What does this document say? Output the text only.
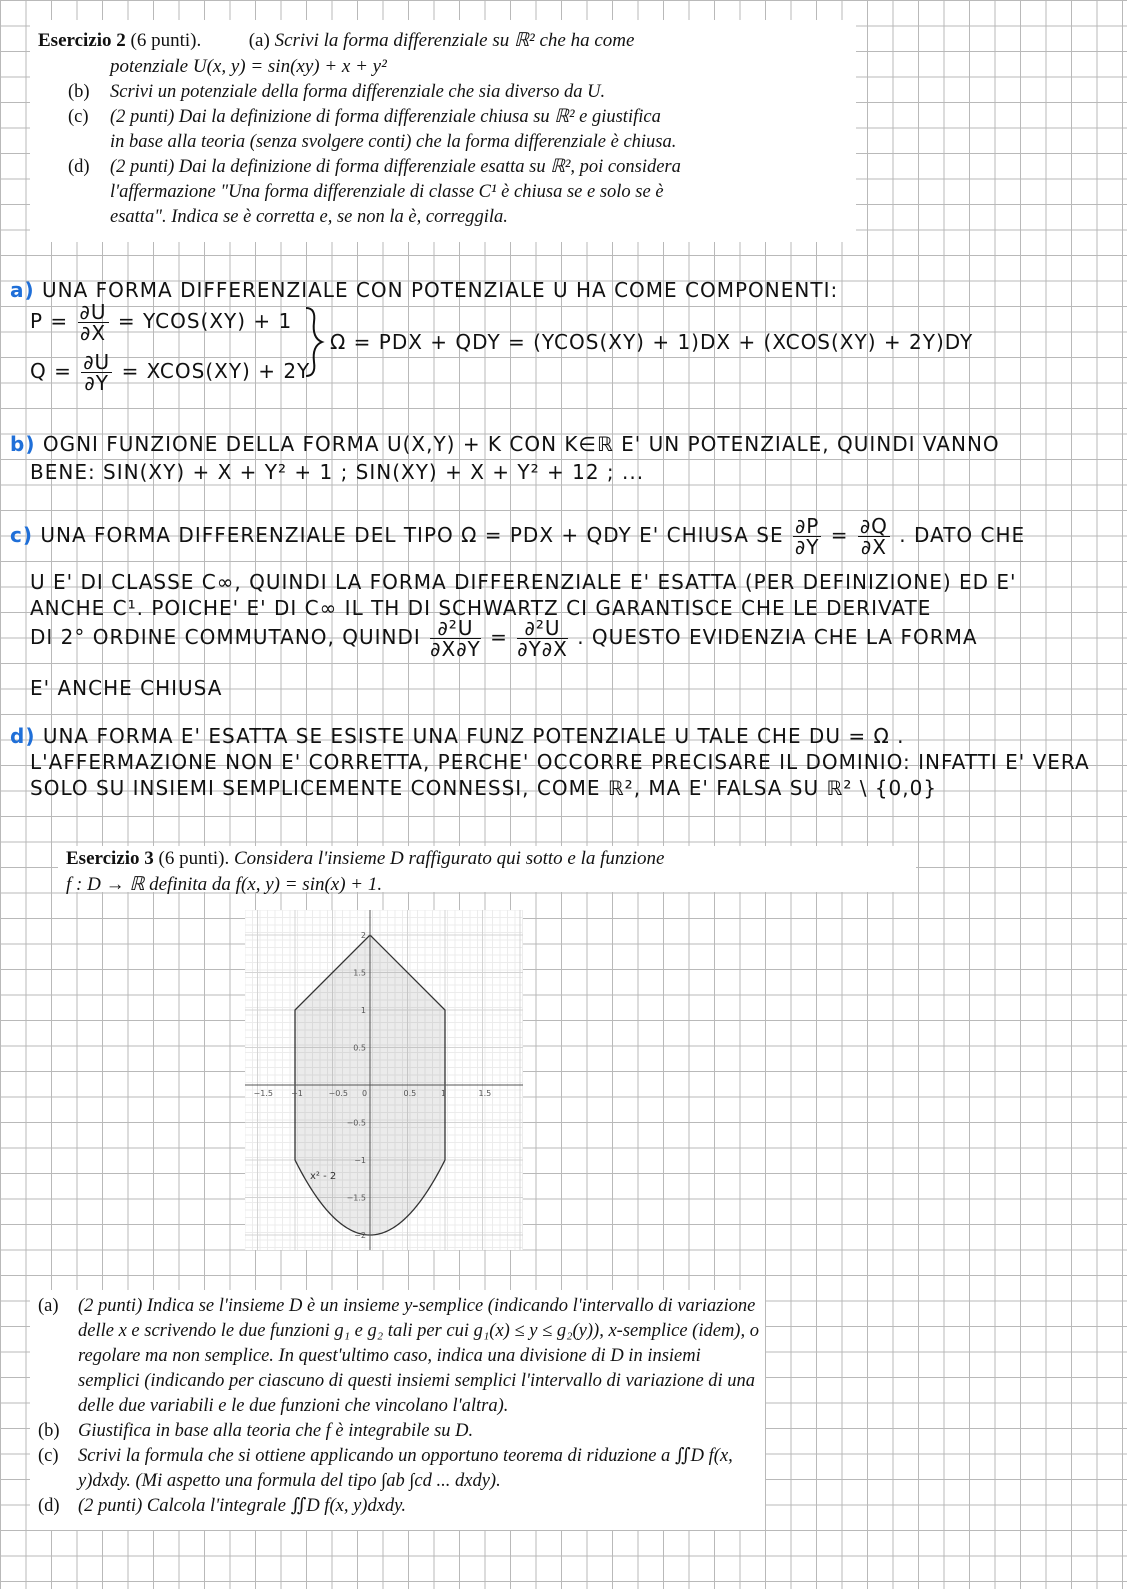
Esercizio 2 (6 punti).	(a) Scrivi la forma differenziale su ℝ² che ha come
potenziale U(x, y) = sin(xy) + x + y²
(b) Scrivi un potenziale della forma differenziale che sia diverso da U.
(c) (2 punti) Dai la definizione di forma differenziale chiusa su ℝ² e giustifica
in base alla teoria (senza svolgere conti) che la forma differenziale è chiusa.
(d) (2 punti) Dai la definizione di forma differenziale esatta su ℝ², poi considera
l'affermazione "Una forma differenziale di classe C¹ è chiusa se e solo se è
esatta". Indica se è corretta e, se non la è, correggila.
a) UNA FORMA DIFFERENZIALE CON POTENZIALE U HA COME COMPONENTI:
$P = \frac{\partial U}{\partial X}$ = YCOS(XY) + 1
$Q = \frac{\partial U}{\partial Y}$ = XCOS(XY) + 2Y
Ω = PDX + QDY = (YCOS(XY) + 1)DX + (XCOS(XY) + 2Y)DY
b) OGNI FUNZIONE DELLA FORMA U(X,Y) + K CON K∈ℝ E' UN POTENZIALE, QUINDI VANNO
BENE: SIN(XY) + X + Y² + 1 ; SIN(XY) + X + Y² + 12 ; ...
c) UNA FORMA DIFFERENZIALE DEL TIPO Ω = PDX + QDY E' CHIUSA SE $\frac{\partial P}{\partial Y} = \frac{\partial Q}{\partial X}$ . DATO CHE
U E' DI CLASSE C∞, QUINDI LA FORMA DIFFERENZIALE E' ESATTA (PER DEFINIZIONE) ED E'
ANCHE C¹. POICHE' E' DI C∞ IL TH DI SCHWARTZ CI GARANTISCE CHE LE DERIVATE
DI 2° ORDINE COMMUTANO, QUINDI $\frac{\text{∂²U}}{\partial X\partial Y} = \frac{\text{∂²U}}{\partial Y\partial X}$ . QUESTO EVIDENZIA CHE LA FORMA
E' ANCHE CHIUSA
d) UNA FORMA E' ESATTA SE ESISTE UNA FUNZ POTENZIALE U TALE CHE DU = Ω .
L'AFFERMAZIONE NON E' CORRETTA, PERCHE' OCCORRE PRECISARE IL DOMINIO: INFATTI E' VERA
SOLO SU INSIEMI SEMPLICEMENTE CONNESSI, COME ℝ², MA E' FALSA SU ℝ² \ {0,0}
Esercizio 3 (6 punti). Considera l'insieme D raffigurato qui sotto e la funzione
f : D → ℝ definita da f(x, y) = sin(x) + 1.
−1.5 −1	−0.5 0	0.5	1	1.5
2
1.5
1
0.5
−0.5
−1
−1.5
−2
x² - 2
(a) (2 punti) Indica se l'insieme D è un insieme y-semplice (indicando l'intervallo di variazione delle x e scrivendo le due funzioni g₁ e g₂ tali per cui g₁(x) ≤ y ≤ g₂(y)), x-semplice (idem), o regolare ma non semplice. In quest'ultimo caso, indica una divisione di D in insiemi semplici (indicando per ciascuno di questi insiemi semplici l'intervallo di variazione di una delle due variabili e le due funzioni che vincolano l'altra).
(b) Giustifica in base alla teoria che f è integrabile su D.
(c) Scrivi la formula che si ottiene applicando un opportuno teorema di riduzione a ∬D f(x, y)dxdy. (Mi aspetto una formula del tipo ∫ab ∫cd ... dxdy).
(d) (2 punti) Calcola l'integrale ∬D f(x, y)dxdy.
